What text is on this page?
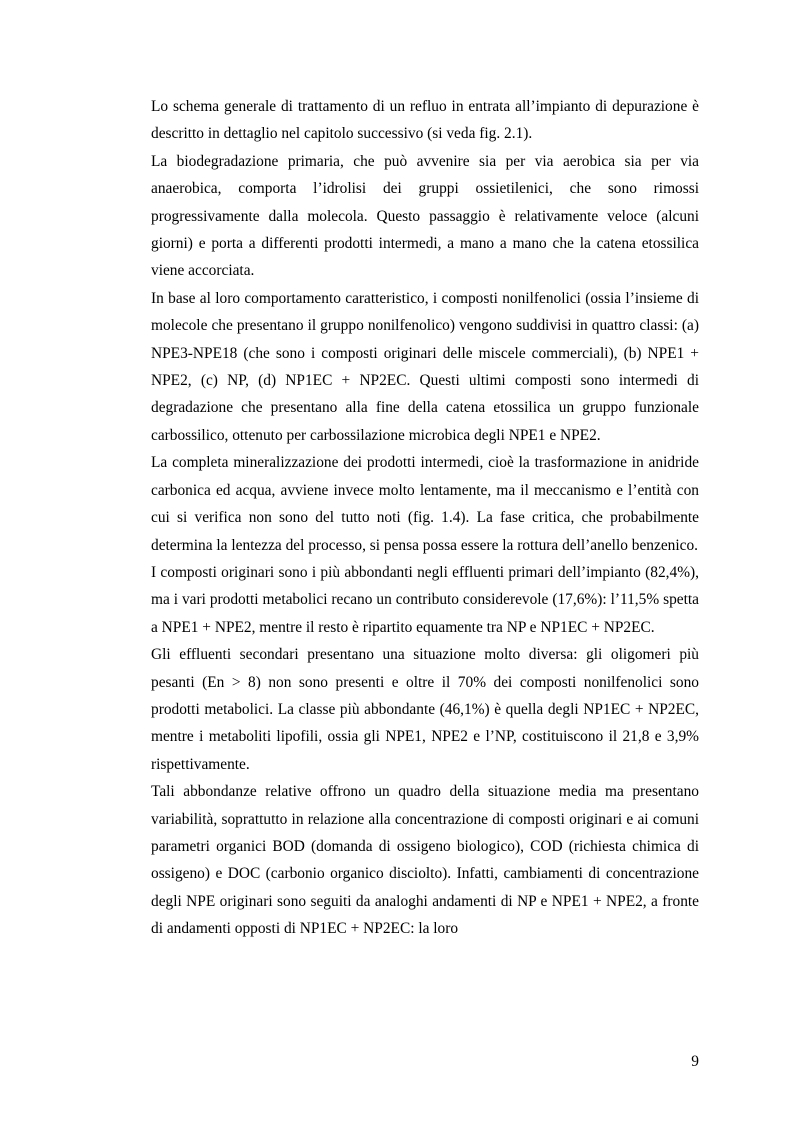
Lo schema generale di trattamento di un refluo in entrata all’impianto di depurazione è descritto in dettaglio nel capitolo successivo (si veda fig. 2.1).

La biodegradazione primaria, che può avvenire sia per via aerobica sia per via anaerobica, comporta l’idrolisi dei gruppi ossietilenici, che sono rimossi progressivamente dalla molecola. Questo passaggio è relativamente veloce (alcuni giorni) e porta a differenti prodotti intermedi, a mano a mano che la catena etossilica viene accorciata.

In base al loro comportamento caratteristico, i composti nonilfenolici (ossia l’insieme di molecole che presentano il gruppo nonilfenolico) vengono suddivisi in quattro classi: (a) NPE3-NPE18 (che sono i composti originari delle miscele commerciali), (b) NPE1 + NPE2, (c) NP, (d) NP1EC + NP2EC. Questi ultimi composti sono intermedi di degradazione che presentano alla fine della catena etossilica un gruppo funzionale carbossilico, ottenuto per carbossilazione microbica degli NPE1 e NPE2.

La completa mineralizzazione dei prodotti intermedi, cioè la trasformazione in anidride carbonica ed acqua, avviene invece molto lentamente, ma il meccanismo e l’entità con cui si verifica non sono del tutto noti (fig. 1.4). La fase critica, che probabilmente determina la lentezza del processo, si pensa possa essere la rottura dell’anello benzenico.

I composti originari sono i più abbondanti negli effluenti primari dell’impianto (82,4%), ma i vari prodotti metabolici recano un contributo considerevole (17,6%): l’11,5% spetta a NPE1 + NPE2, mentre il resto è ripartito equamente tra NP e NP1EC + NP2EC.

Gli effluenti secondari presentano una situazione molto diversa: gli oligomeri più pesanti (En > 8) non sono presenti e oltre il 70% dei composti nonilfenolici sono prodotti metabolici. La classe più abbondante (46,1%) è quella degli NP1EC + NP2EC, mentre i metaboliti lipofili, ossia gli NPE1, NPE2 e l’NP, costituiscono il 21,8 e 3,9% rispettivamente.

Tali abbondanze relative offrono un quadro della situazione media ma presentano variabilità, soprattutto in relazione alla concentrazione di composti originari e ai comuni parametri organici BOD (domanda di ossigeno biologico), COD (richiesta chimica di ossigeno) e DOC (carbonio organico disciolto). Infatti, cambiamenti di concentrazione degli NPE originari sono seguiti da analoghi andamenti di NP e NPE1 + NPE2, a fronte di andamenti opposti di NP1EC + NP2EC: la loro

9
